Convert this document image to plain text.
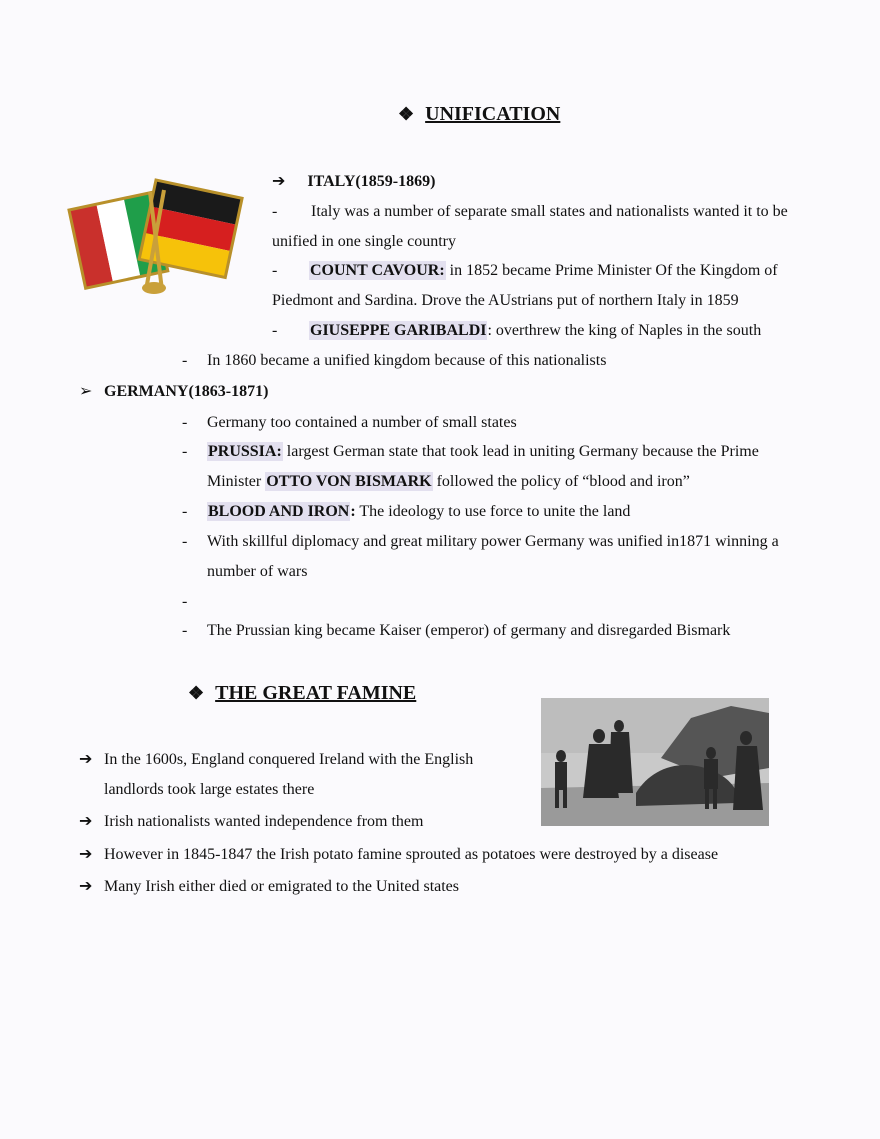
❖ UNIFICATION
➔ ITALY(1859-1869)
- Italy was a number of separate small states and nationalists wanted it to be
unified in one single country
- COUNT CAVOUR: in 1852 became Prime Minister Of the Kingdom of
Piedmont and Sardina. Drove the AUstrians put of northern Italy in 1859
- GIUSEPPE GARIBALDI: overthrew the king of Naples in the south
- In 1860 became a unified kingdom because of this nationalists
➢ GERMANY(1863-1871)
- Germany too contained a number of small states
- PRUSSIA: largest German state that took lead in uniting Germany because the Prime
Minister OTTO VON BISMARK followed the policy of “blood and iron”
- BLOOD AND IRON: The ideology to use force to unite the land
- With skillful diplomacy and great military power Germany was unified in1871 winning a
number of wars
-
- The Prussian king became Kaiser (emperor) of germany and disregarded Bismark
❖ THE GREAT FAMINE
➔ In the 1600s, England conquered Ireland with the English
landlords took large estates there
➔ Irish nationalists wanted independence from them
➔ However in 1845-1847 the Irish potato famine sprouted as potatoes were destroyed by a disease
➔ Many Irish either died or emigrated to the United states
